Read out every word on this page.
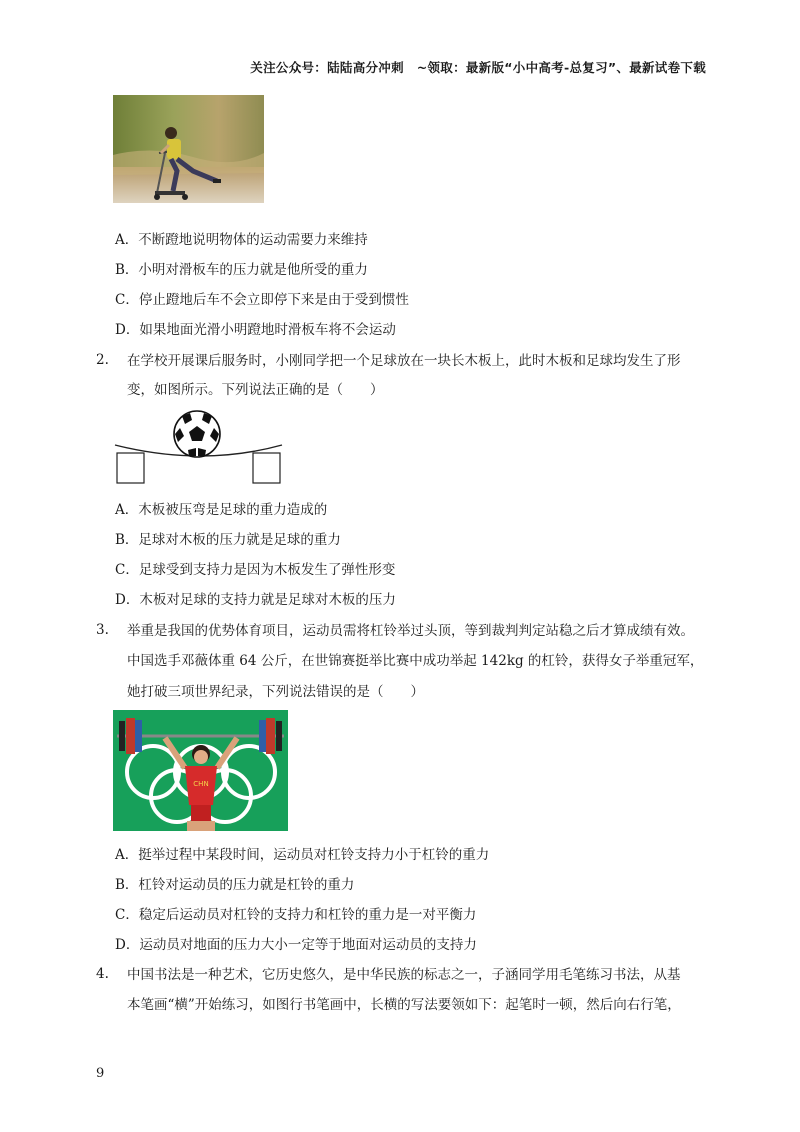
关注公众号：陆陆高分冲刺　~领取：最新版“小中高考-总复习”、最新试卷下载
A．不断蹬地说明物体的运动需要力来维持
B．小明对滑板车的压力就是他所受的重力
C．停止蹬地后车不会立即停下来是由于受到惯性
D．如果地面光滑小明蹬地时滑板车将不会运动
2. 在学校开展课后服务时，小刚同学把一个足球放在一块长木板上，此时木板和足球均发生了形
变，如图所示。下列说法正确的是（　　）
A．木板被压弯是足球的重力造成的
B．足球对木板的压力就是足球的重力
C．足球受到支持力是因为木板发生了弹性形变
D．木板对足球的支持力就是足球对木板的压力
3. 举重是我国的优势体育项目，运动员需将杠铃举过头顶，等到裁判判定站稳之后才算成绩有效。
中国选手邓薇体重 64 公斤，在世锦赛挺举比赛中成功举起 142kg 的杠铃，获得女子举重冠军，
她打破三项世界纪录，下列说法错误的是（　　）
CHN
A．挺举过程中某段时间，运动员对杠铃支持力小于杠铃的重力
B．杠铃对运动员的压力就是杠铃的重力
C．稳定后运动员对杠铃的支持力和杠铃的重力是一对平衡力
D．运动员对地面的压力大小一定等于地面对运动员的支持力
4. 中国书法是一种艺术，它历史悠久，是中华民族的标志之一，子涵同学用毛笔练习书法，从基
本笔画“横”开始练习，如图行书笔画中，长横的写法要领如下：起笔时一顿，然后向右行笔，
9
